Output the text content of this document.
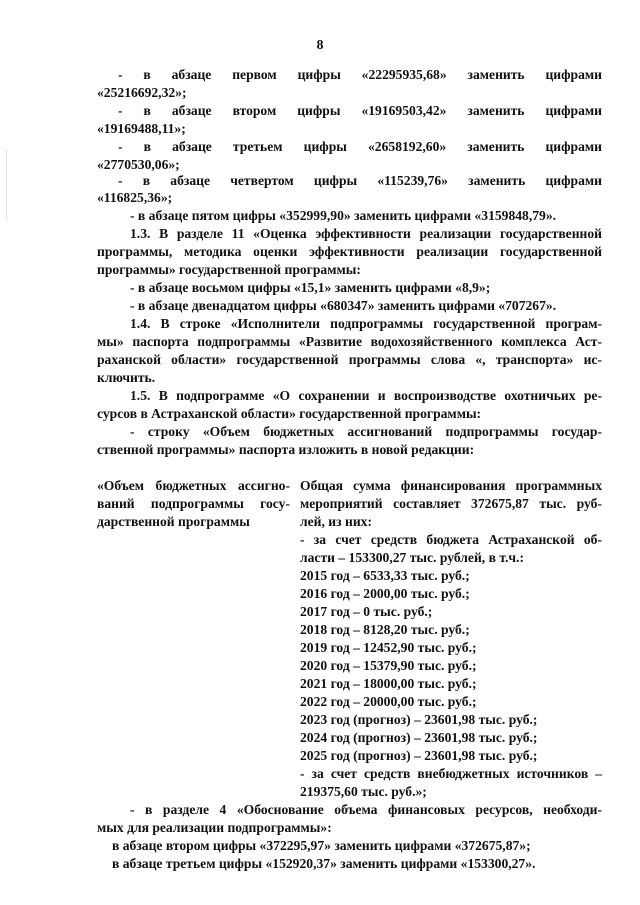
8
- в абзаце первом цифры «22295935,68» заменить цифрами
«25216692,32»;
- в абзаце втором цифры «19169503,42» заменить цифрами
«19169488,11»;
- в абзаце третьем цифры «2658192,60» заменить цифрами
«2770530,06»;
- в абзаце четвертом цифры «115239,76» заменить цифрами
«116825,36»;
- в абзаце пятом цифры «352999,90» заменить цифрами «3159848,79».
1.3. В разделе 11 «Оценка эффективности реализации государственной
программы, методика оценки эффективности реализации государственной
программы» государственной программы:
- в абзаце восьмом цифры «15,1» заменить цифрами «8,9»;
- в абзаце двенадцатом цифры «680347» заменить цифрами «707267».
1.4. В строке «Исполнители подпрограммы государственной програм-
мы» паспорта подпрограммы «Развитие водохозяйственного комплекса Аст-
раханской области» государственной программы слова «, транспорта» ис-
ключить.
1.5. В подпрограмме «О сохранении и воспроизводстве охотничьих ре-
сурсов в Астраханской области» государственной программы:
- строку «Объем бюджетных ассигнований подпрограммы государ-
ственной программы» паспорта изложить в новой редакции:
«Объем бюджетных ассигно-
ваний подпрограммы госу-
дарственной программы
Общая сумма финансирования программных
мероприятий составляет 372675,87 тыс. руб-
лей, из них:
- за счет средств бюджета Астраханской об-
ласти – 153300,27 тыс. рублей, в т.ч.:
2015 год – 6533,33 тыс. руб.;
2016 год – 2000,00 тыс. руб.;
2017 год – 0 тыс. руб.;
2018 год – 8128,20 тыс. руб.;
2019 год – 12452,90 тыс. руб.;
2020 год – 15379,90 тыс. руб.;
2021 год – 18000,00 тыс. руб.;
2022 год – 20000,00 тыс. руб.;
2023 год (прогноз) – 23601,98 тыс. руб.;
2024 год (прогноз) – 23601,98 тыс. руб.;
2025 год (прогноз) – 23601,98 тыс. руб.;
- за счет средств внебюджетных источников –
219375,60 тыс. руб.»;
- в разделе 4 «Обоснование объема финансовых ресурсов, необходи-
мых для реализации подпрограммы»:
в абзаце втором цифры «372295,97» заменить цифрами «372675,87»;
в абзаце третьем цифры «152920,37» заменить цифрами «153300,27».
